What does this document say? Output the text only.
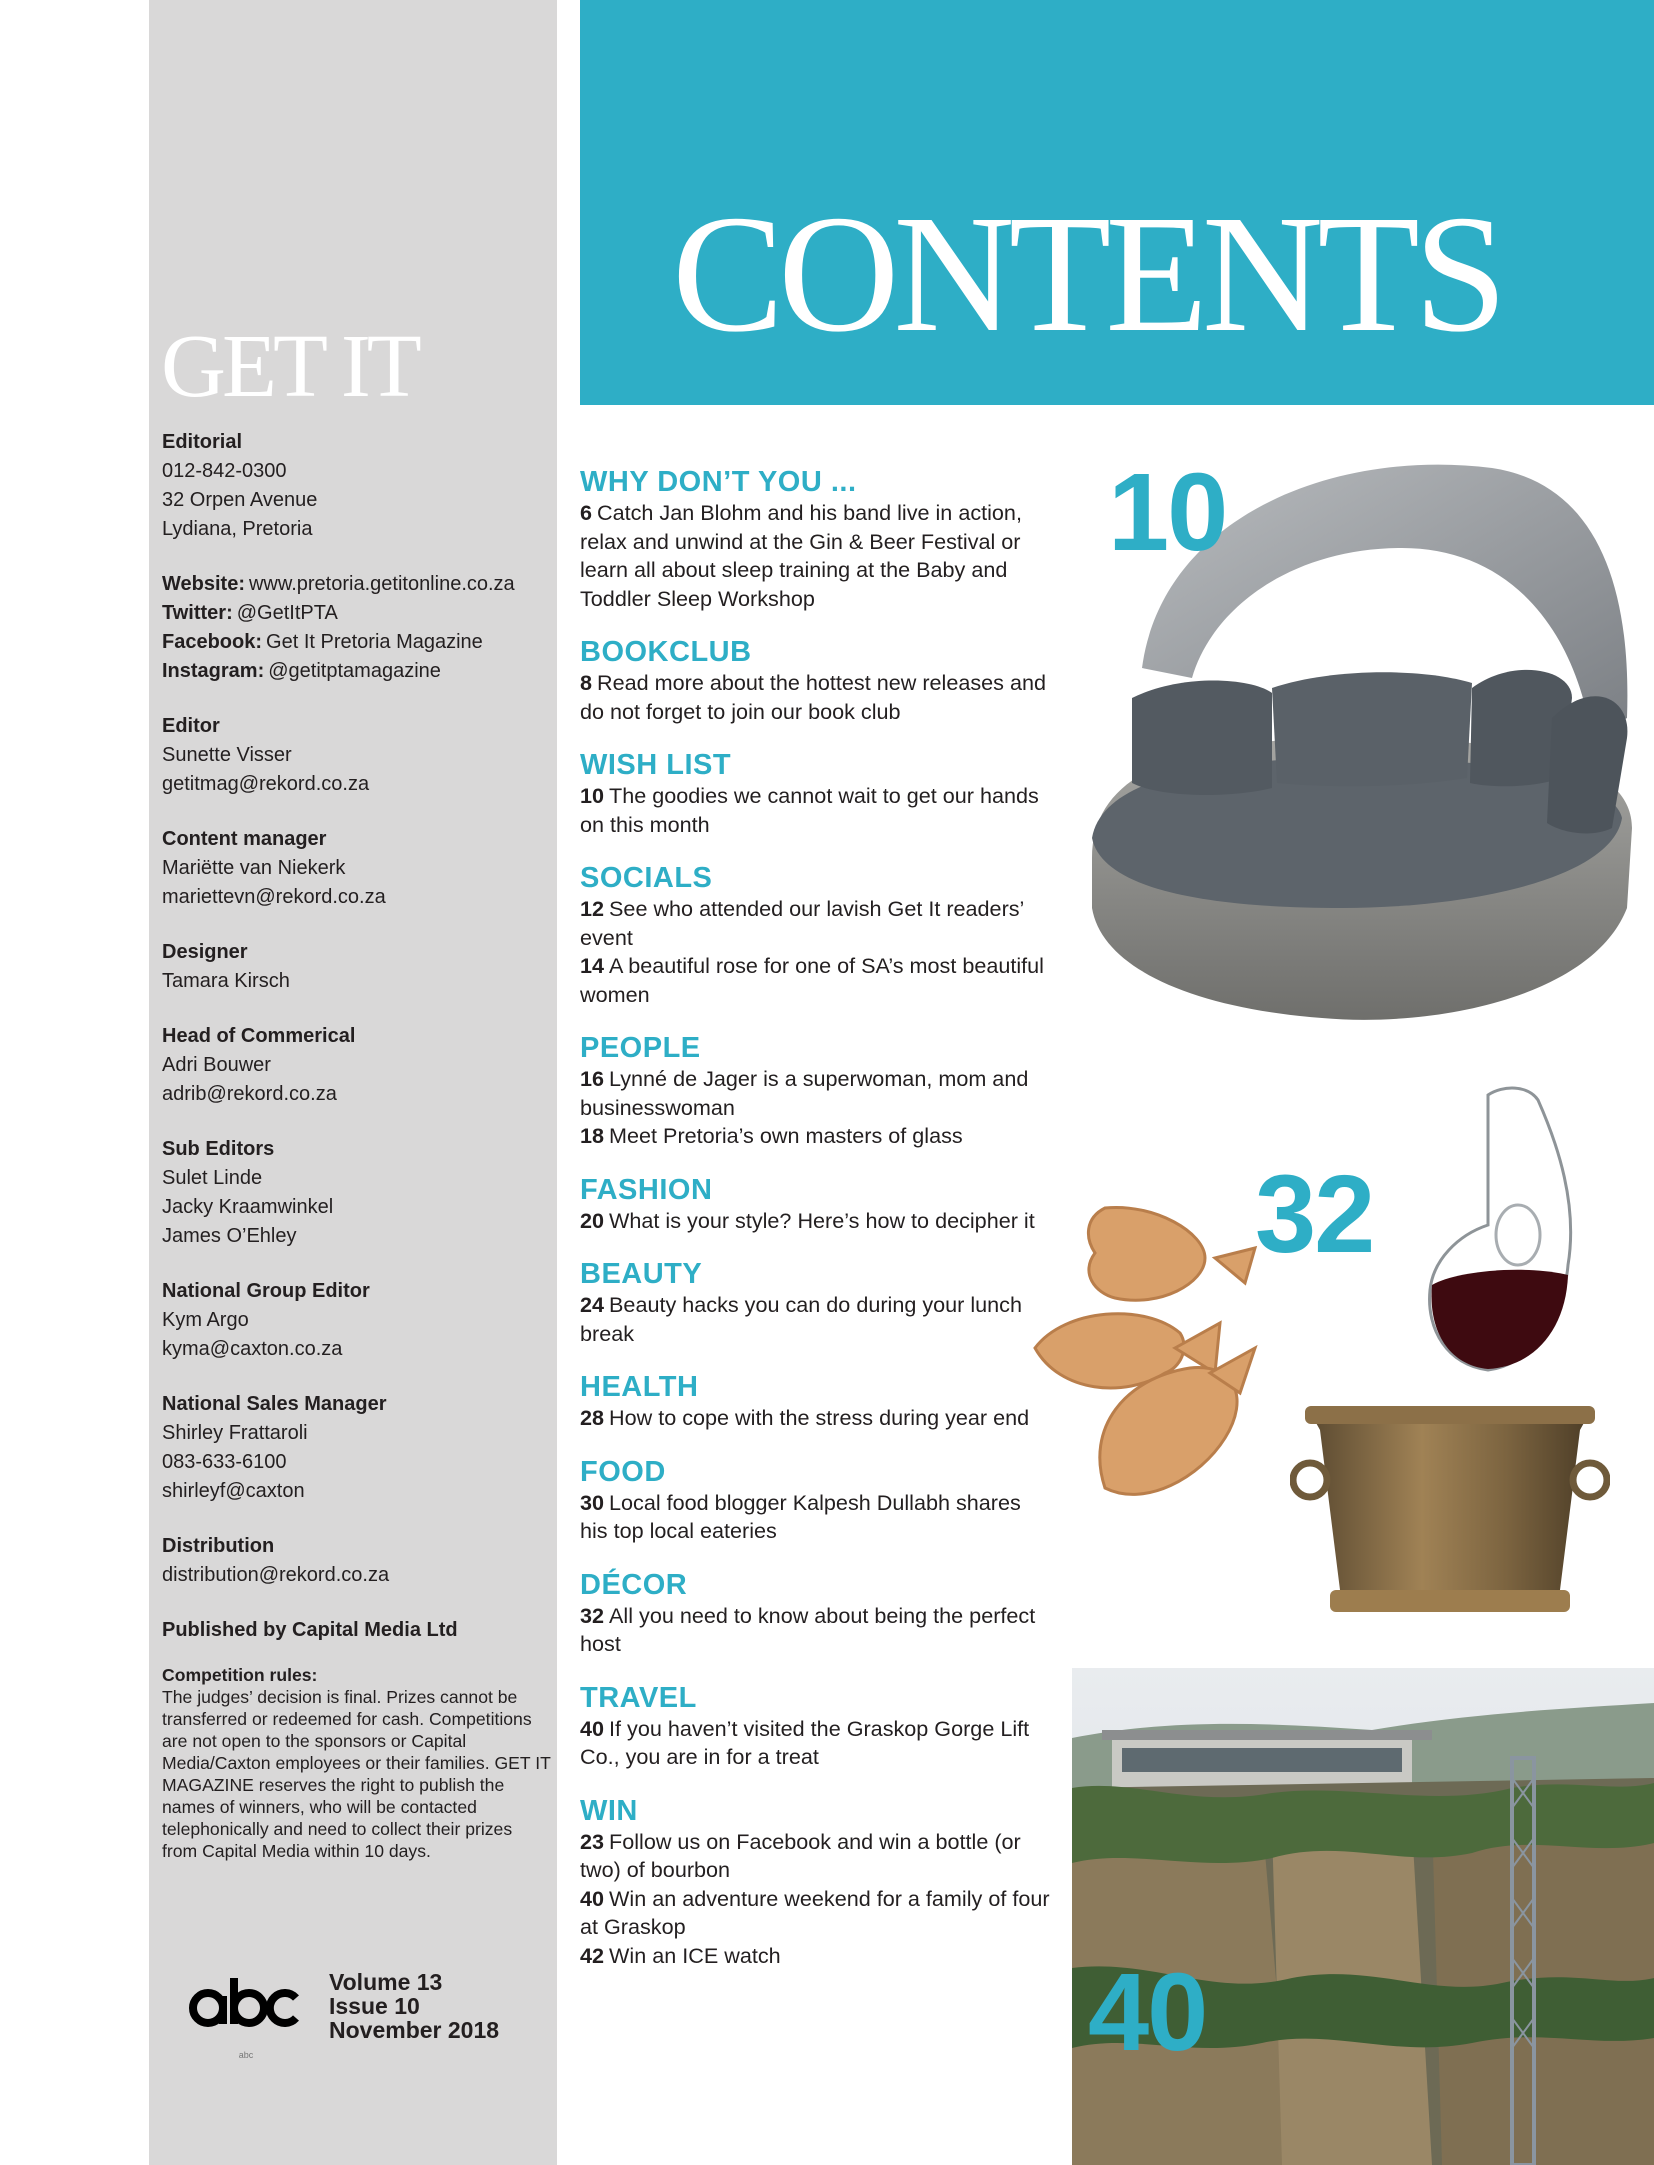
GET IT
Editorial
012-842-0300
32 Orpen Avenue
Lydiana, Pretoria
Website: www.pretoria.getitonline.co.za
Twitter: @GetItPTA
Facebook: Get It Pretoria Magazine
Instagram: @getitptamagazine
Editor
Sunette Visser
getitmag@rekord.co.za
Content manager
Mariëtte van Niekerk
mariettevn@rekord.co.za
Designer
Tamara Kirsch
Head of Commerical
Adri Bouwer
adrib@rekord.co.za
Sub Editors
Sulet Linde
Jacky Kraamwinkel
James O’Ehley
National Group Editor
Kym Argo
kyma@caxton.co.za
National Sales Manager
Shirley Frattaroli
083-633-6100
shirleyf@caxton
Distribution
distribution@rekord.co.za
Published by Capital Media Ltd
Competition rules:
The judges’ decision is final. Prizes cannot be transferred or redeemed for cash. Competitions are not open to the sponsors or Capital Media/Caxton employees or their families. GET IT MAGAZINE reserves the right to publish the names of winners, who will be contacted telephonically and need to collect their prizes from Capital Media within 10 days.
abc
Volume 13
Issue 10
November 2018
CONTENTS
WHY DON’T YOU ...
6 Catch Jan Blohm and his band live in action, relax and unwind at the Gin & Beer Festival or learn all about sleep training at the Baby and Toddler Sleep Workshop
BOOKCLUB
8 Read more about the hottest new releases and do not forget to join our book club
WISH LIST
10 The goodies we cannot wait to get our hands on this month
SOCIALS
12 See who attended our lavish Get It readers’ event
14 A beautiful rose for one of SA’s most beautiful women
PEOPLE
16 Lynné de Jager is a superwoman, mom and businesswoman
18 Meet Pretoria’s own masters of glass
FASHION
20 What is your style? Here’s how to decipher it
BEAUTY
24 Beauty hacks you can do during your lunch break
HEALTH
28 How to cope with the stress during year end
FOOD
30 Local food blogger Kalpesh Dullabh shares his top local eateries
DÉCOR
32 All you need to know about being the perfect host
TRAVEL
40 If you haven’t visited the Graskop Gorge Lift Co., you are in for a treat
WIN
23 Follow us on Facebook and win a bottle (or two) of bourbon
40 Win an adventure weekend for a family of four at Graskop
42 Win an ICE watch
10
32
40
